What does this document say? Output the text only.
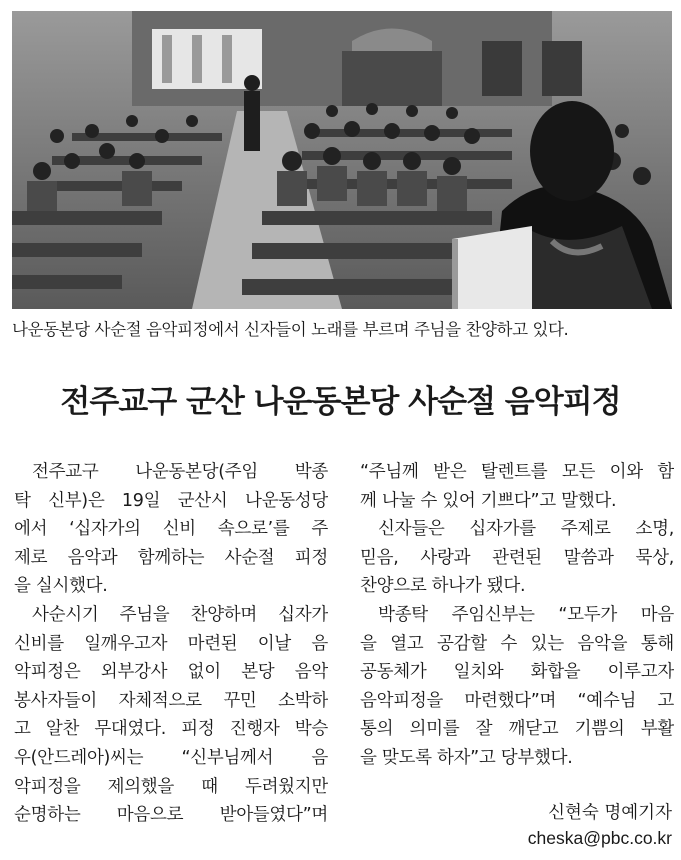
나운동본당 사순절 음악피정에서 신자들이 노래를 부르며 주님을 찬양하고 있다.
전주교구 군산 나운동본당 사순절 음악피정
전주교구 나운동본당(주임 박종
탁 신부)은 19일 군산시 나운동성당
에서 ‘십자가의 신비 속으로’를 주
제로 음악과 함께하는 사순절 피정
을 실시했다.
사순시기 주님을 찬양하며 십자가
신비를 일깨우고자 마련된 이날 음
악피정은 외부강사 없이 본당 음악
봉사자들이 자체적으로 꾸민 소박하
고 알찬 무대였다. 피정 진행자 박승
우(안드레아)씨는 “신부님께서 음
악피정을 제의했을 때 두려웠지만
순명하는 마음으로 받아들였다”며
“주님께 받은 탈렌트를 모든 이와 함
께 나눌 수 있어 기쁘다”고 말했다.
신자들은 십자가를 주제로 소명,
믿음, 사랑과 관련된 말씀과 묵상,
찬양으로 하나가 됐다.
박종탁 주임신부는 “모두가 마음
을 열고 공감할 수 있는 음악을 통해
공동체가 일치와 화합을 이루고자
음악피정을 마련했다”며 “예수님 고
통의 의미를 잘 깨닫고 기쁨의 부활
을 맞도록 하자”고 당부했다.
신현숙 명예기자
cheska@pbc.co.kr
